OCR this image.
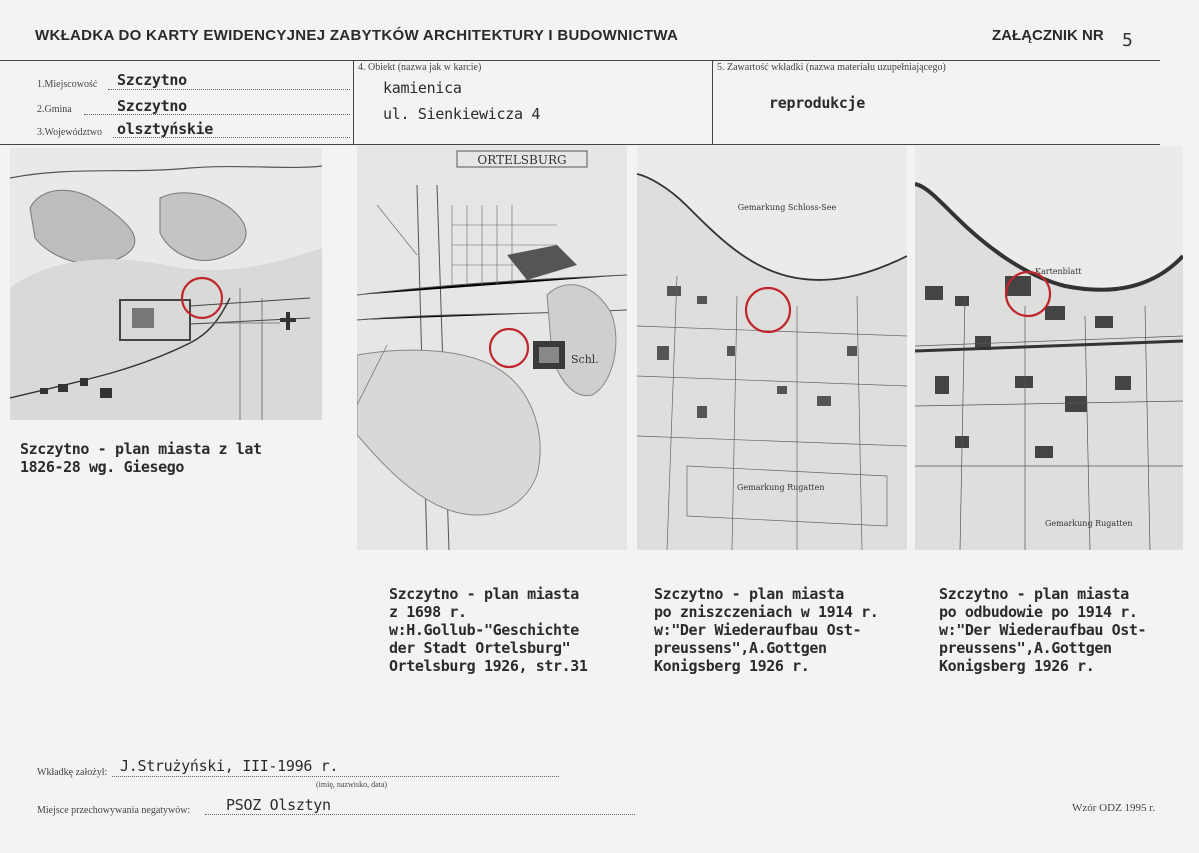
WKŁADKA DO KARTY EWIDENCYJNEJ ZABYTKÓW ARCHITEKTURY I BUDOWNICTWA	ZAŁĄCZNIK NR 5
1.Miejscowość Szczytno
2.Gmina	Szczytno
3.Województwo olsztyńskie
4. Obiekt (nazwa jak w karcie)
kamienica
ul. Sienkiewicza 4
5. Zawartość wkładki (nazwa materiału uzupełniającego)
reprodukcje
ORTELSBURG
Schl.
Gemarkung Schloss-See
Gemarkung Rugatten
Kartenblatt
Gemarkung Rugatten
Szczytno - plan miasta z lat
1826-28 wg. Giesego
Szczytno - plan miasta
z 1698 r.
w:H.Gollub-"Geschichte
der Stadt Ortelsburg"
Ortelsburg 1926, str.31
Szczytno - plan miasta
po zniszczeniach w 1914 r.
w:"Der Wiederaufbau Ost-
preussens",A.Gottgen
Konigsberg 1926 r.
Szczytno - plan miasta
po odbudowie po 1914 r.
w:"Der Wiederaufbau Ost-
preussens",A.Gottgen
Konigsberg 1926 r.
Wkładkę założył: J.Strużyński, III-1996 r.
(imię, nazwisko, data)
Miejsce przechowywania negatywów: PSOZ Olsztyn	Wzór ODZ 1995 r.
